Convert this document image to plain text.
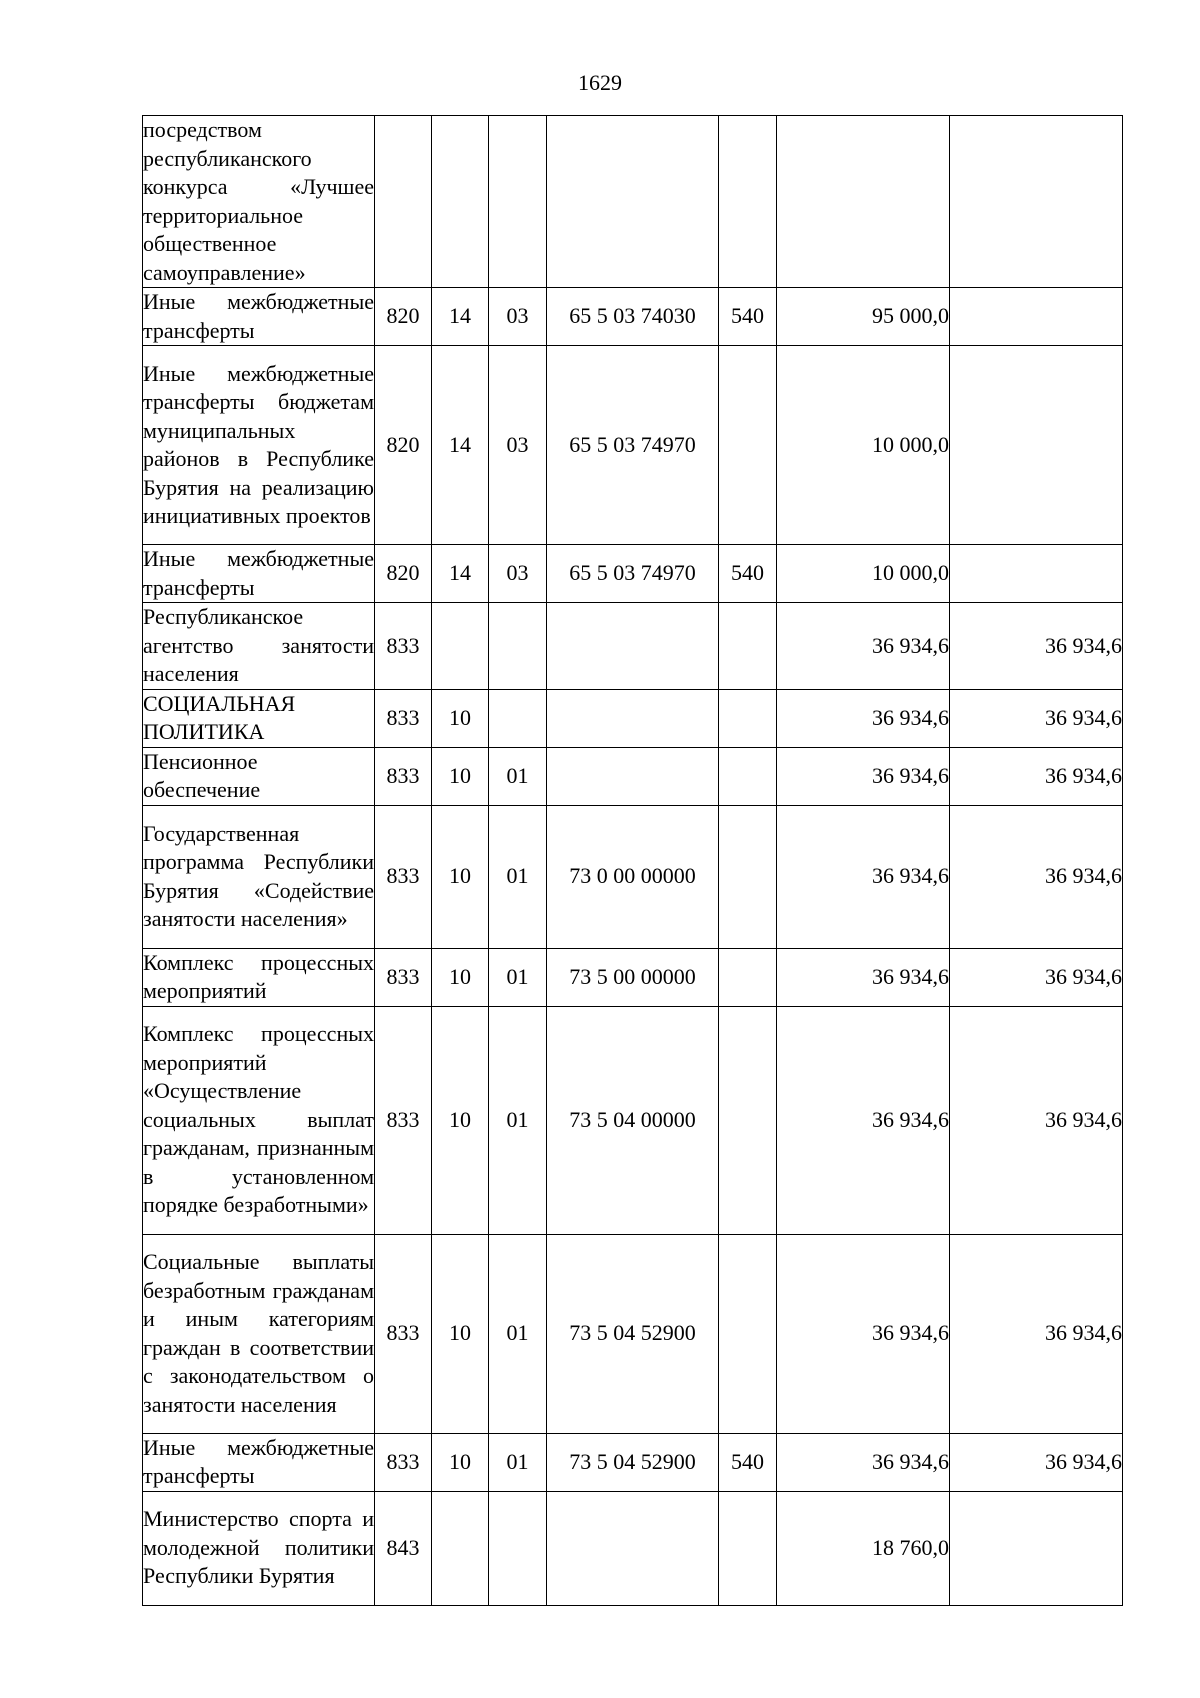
1629
посредством республиканского конкурса «Лучшее территориальное общественное самоуправление»							
Иные межбюджетные трансферты	820	14	03	65 5 03 74030	540	95 000,0	
Иные межбюджетные трансферты бюджетам муниципальных районов в Республике Бурятия на реализацию инициативных проектов	820	14	03	65 5 03 74970		10 000,0	
Иные межбюджетные трансферты	820	14	03	65 5 03 74970	540	10 000,0	
Республиканское агентство занятости населения	833					36 934,6	36 934,6
СОЦИАЛЬНАЯ ПОЛИТИКА	833	10				36 934,6	36 934,6
Пенсионное обеспечение	833	10	01			36 934,6	36 934,6
Государственная программа Республики Бурятия «Содействие занятости населения»	833	10	01	73 0 00 00000		36 934,6	36 934,6
Комплекс процессных мероприятий	833	10	01	73 5 00 00000		36 934,6	36 934,6
Комплекс процессных мероприятий «Осуществление социальных выплат гражданам, признанным в установленном порядке безработными»	833	10	01	73 5 04 00000		36 934,6	36 934,6
Социальные выплаты безработным гражданам и иным категориям граждан в соответствии с законодательством о занятости населения	833	10	01	73 5 04 52900		36 934,6	36 934,6
Иные межбюджетные трансферты	833	10	01	73 5 04 52900	540	36 934,6	36 934,6
Министерство спорта и молодежной политики Республики Бурятия	843					18 760,0	
